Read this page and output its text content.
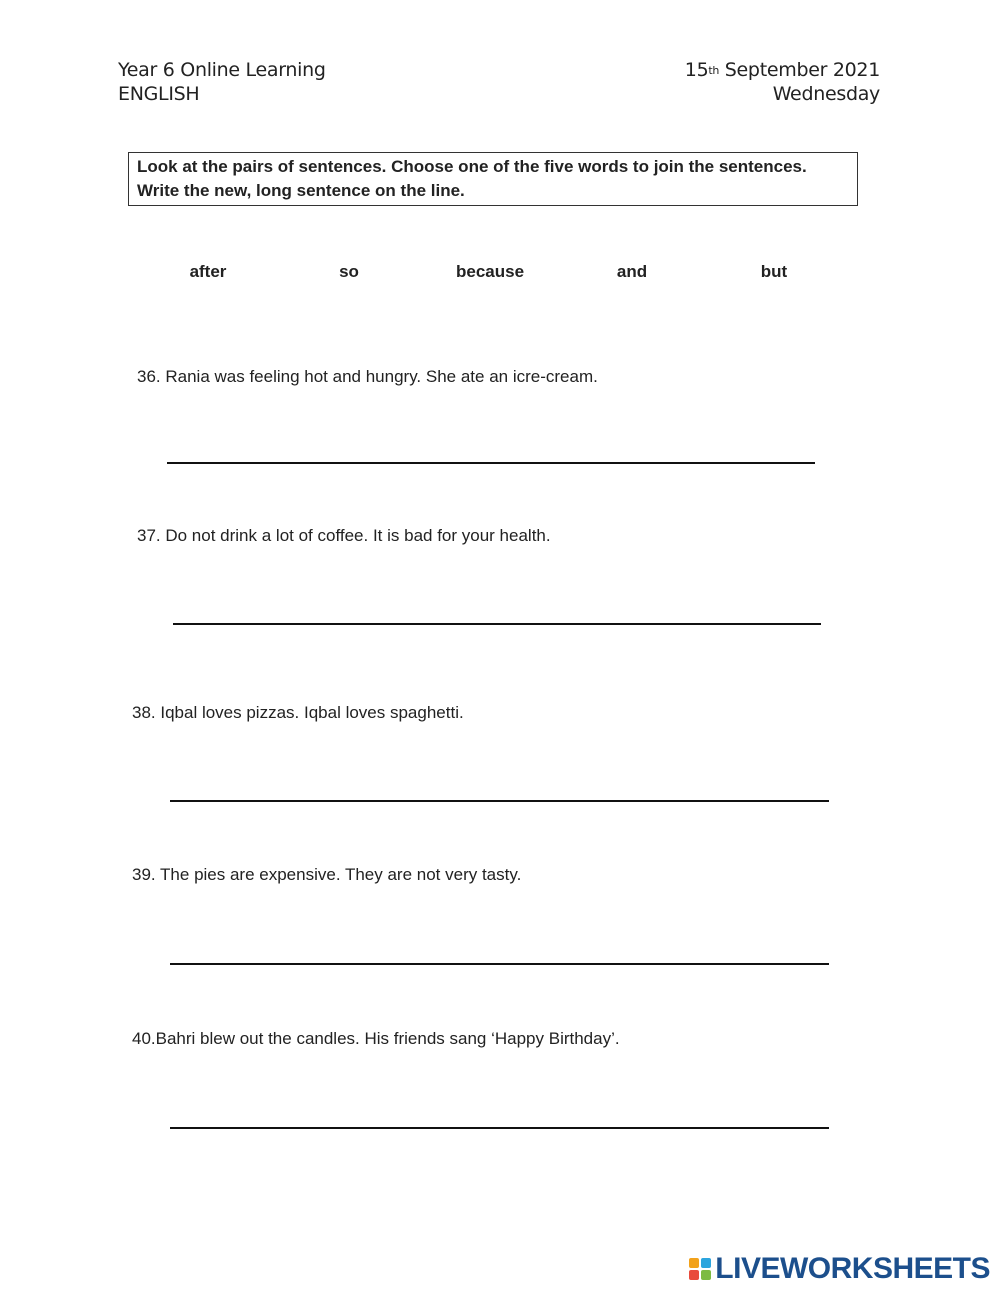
Year 6 Online Learning
ENGLISH
15th September 2021
Wednesday
Look at the pairs of sentences. Choose one of the five words to join the sentences. Write the new, long sentence on the line.
after	so	because	and	but
36. Rania was feeling hot and hungry. She ate an icre-cream.
37. Do not drink a lot of coffee. It is bad for your health.
38. Iqbal loves pizzas. Iqbal loves spaghetti.
39. The pies are expensive. They are not very tasty.
40.Bahri blew out the candles. His friends sang ‘Happy Birthday’.
LIVEWORKSHEETS
